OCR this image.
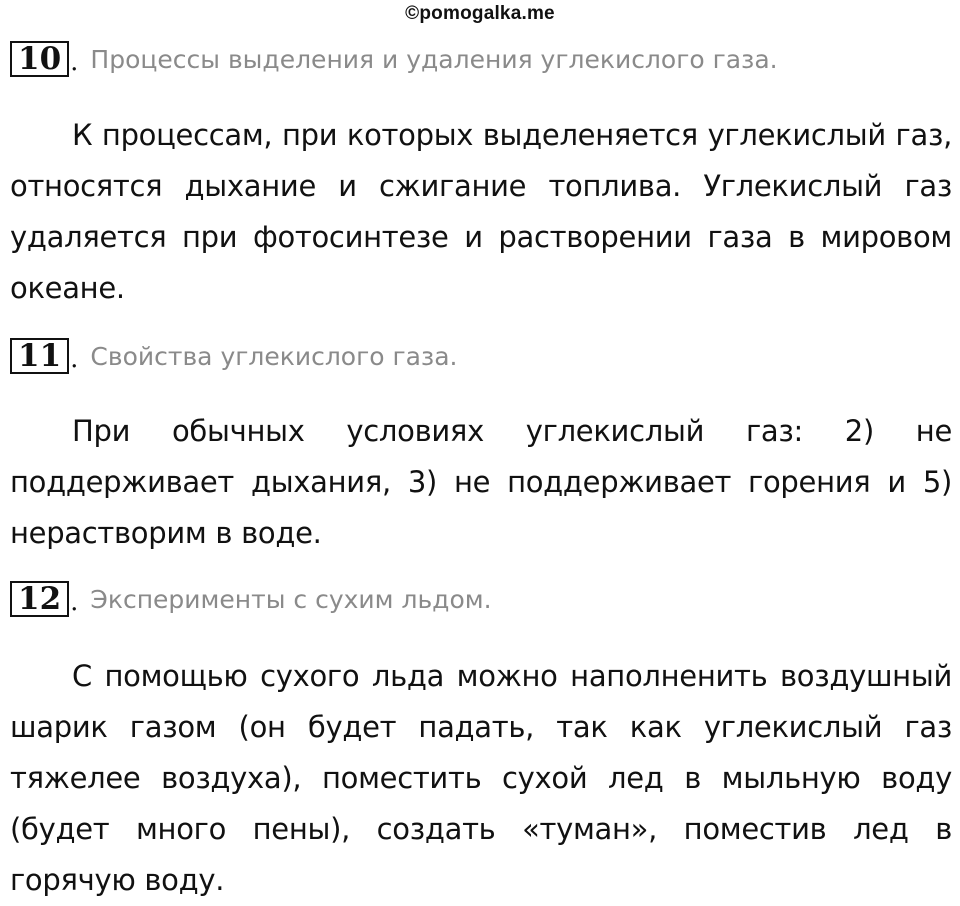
©pomogalka.me
10 . Процессы выделения и удаления углекислого газа.

К процессам, при которых выделеняется углекислый газ, относятся дыхание и сжигание топлива. Углекислый газ удаляется при фотосинтезе и растворении газа в мировом океане.

11 . Свойства углекислого газа.

При обычных условиях углекислый газ: 2) не поддерживает дыхания, 3) не поддерживает горения и 5) нерастворим в воде.

12 . Эксперименты с сухим льдом.

С помощью сухого льда можно наполненить воздушный шарик газом (он будет падать, так как углекислый газ тяжелее воздуха), поместить сухой лед в мыльную воду (будет много пены), создать «туман», поместив лед в горячую воду.
